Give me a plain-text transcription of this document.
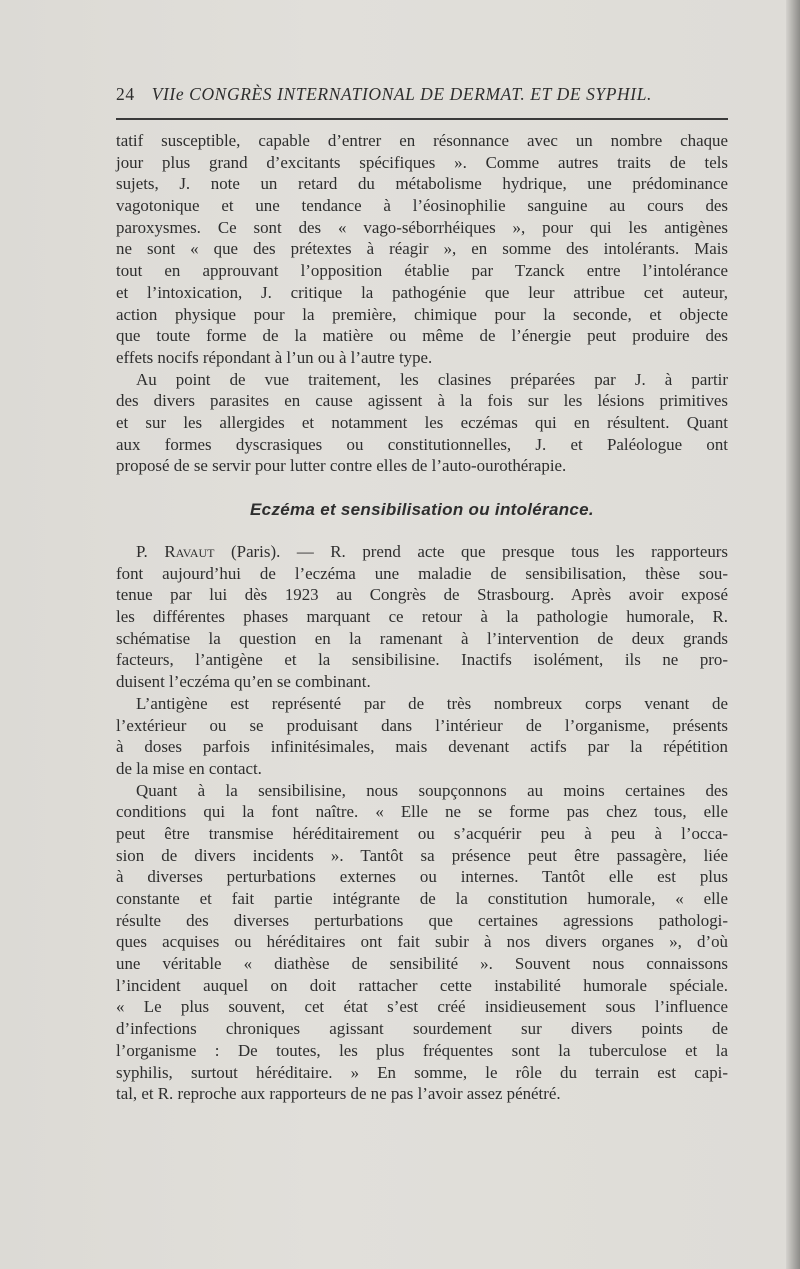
24 VIIe CONGRÈS INTERNATIONAL DE DERMAT. ET DE SYPHIL.
tatif susceptible, capable d’entrer en résonnance avec un nombre chaque
jour plus grand d’excitants spécifiques ». Comme autres traits de tels
sujets, J. note un retard du métabolisme hydrique, une prédominance
vagotonique et une tendance à l’éosinophilie sanguine au cours des
paroxysmes. Ce sont des « vago-séborrhéiques », pour qui les antigènes
ne sont « que des prétextes à réagir », en somme des intolérants. Mais
tout en approuvant l’opposition établie par Tzanck entre l’intolérance
et l’intoxication, J. critique la pathogénie que leur attribue cet auteur,
action physique pour la première, chimique pour la seconde, et objecte
que toute forme de la matière ou même de l’énergie peut produire des
effets nocifs répondant à l’un ou à l’autre type.
Au point de vue traitement, les clasines préparées par J. à partir
des divers parasites en cause agissent à la fois sur les lésions primitives
et sur les allergides et notamment les eczémas qui en résultent. Quant
aux formes dyscrasiques ou constitutionnelles, J. et Paléologue ont
proposé de se servir pour lutter contre elles de l’auto-ourothérapie.
Eczéma et sensibilisation ou intolérance.
P. Ravaut (Paris). — R. prend acte que presque tous les rapporteurs
font aujourd’hui de l’eczéma une maladie de sensibilisation, thèse sou-
tenue par lui dès 1923 au Congrès de Strasbourg. Après avoir exposé
les différentes phases marquant ce retour à la pathologie humorale, R.
schématise la question en la ramenant à l’intervention de deux grands
facteurs, l’antigène et la sensibilisine. Inactifs isolément, ils ne pro-
duisent l’eczéma qu’en se combinant.
L’antigène est représenté par de très nombreux corps venant de
l’extérieur ou se produisant dans l’intérieur de l’organisme, présents
à doses parfois infinitésimales, mais devenant actifs par la répétition
de la mise en contact.
Quant à la sensibilisine, nous soupçonnons au moins certaines des
conditions qui la font naître. « Elle ne se forme pas chez tous, elle
peut être transmise héréditairement ou s’acquérir peu à peu à l’occa-
sion de divers incidents ». Tantôt sa présence peut être passagère, liée
à diverses perturbations externes ou internes. Tantôt elle est plus
constante et fait partie intégrante de la constitution humorale, « elle
résulte des diverses perturbations que certaines agressions pathologi-
ques acquises ou héréditaires ont fait subir à nos divers organes », d’où
une véritable « diathèse de sensibilité ». Souvent nous connaissons
l’incident auquel on doit rattacher cette instabilité humorale spéciale.
« Le plus souvent, cet état s’est créé insidieusement sous l’influence
d’infections chroniques agissant sourdement sur divers points de
l’organisme : De toutes, les plus fréquentes sont la tuberculose et la
syphilis, surtout héréditaire. » En somme, le rôle du terrain est capi-
tal, et R. reproche aux rapporteurs de ne pas l’avoir assez pénétré.
